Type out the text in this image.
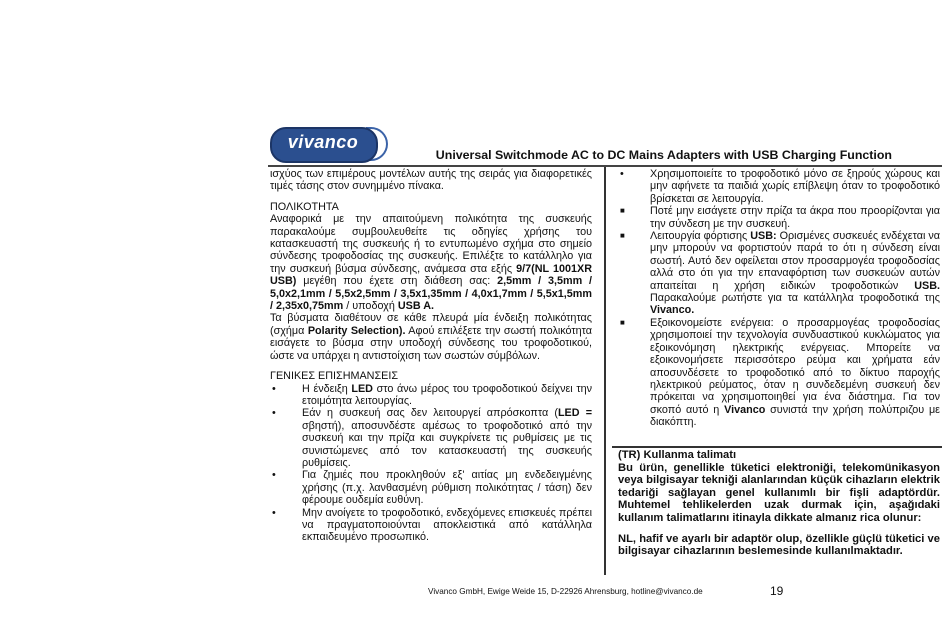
vivanco
Universal Switchmode AC to DC Mains Adapters with USB Charging Function

ισχύος των επιμέρους μοντέλων αυτής της σειράς για διαφορετικές τιμές τάσης στον συνημμένο πίνακα.

ΠΟΛΙΚΟΤΗΤΑ

Αναφορικά με την απαιτούμενη πολικότητα της συσκευής παρακαλούμε συμβουλευθείτε τις οδηγίες χρήσης του κατασκευαστή της συσκευής ή το εντυπωμένο σχήμα στο σημείο σύνδεσης τροφοδοσίας της συσκευής. Επιλέξτε το κατάλληλο για την συσκευή βύσμα σύνδεσης, ανάμεσα στα εξής 9/7(NL 1001XR USB) μεγέθη που έχετε στη διάθεση σας: 2,5mm / 3,5mm / 5,0x2,1mm / 5,5x2,5mm / 3,5x1,35mm / 4,0x1,7mm / 5,5x1,5mm / 2,35x0,75mm / υποδοχή USB A.

Τα βύσματα διαθέτουν σε κάθε πλευρά μία ένδειξη πολικότητας (σχήμα Polarity Selection). Αφού επιλέξετε την σωστή πολικότητα εισάγετε το βύσμα στην υποδοχή σύνδεσης του τροφοδοτικού, ώστε να υπάρχει η αντιστοίχιση των σωστών σύμβόλων.

ΓΕΝΙΚΕΣ ΕΠΙΣΗΜΑΝΣΕΙΣ

•	Η ένδειξη LED στο άνω μέρος του τροφοδοτικού δείχνει την ετοιμότητα λειτουργίας.
•	Εάν η συσκευή σας δεν λειτουργεί απρόσκοπτα (LED = σβηστή), αποσυνδέστε αμέσως το τροφοδοτικό από την συσκευή και την πρίζα και συγκρίνετε τις ρυθμίσεις με τις συνιστώμενες από τον κατασκευαστή της συσκευής ρυθμίσεις.
•	Για ζημιές που προκληθούν εξ' αιτίας μη ενδεδειγμένης χρήσης (π.χ. λανθασμένη ρύθμιση πολικότητας / τάση) δεν φέρουμε ουδεμία ευθύνη.
•	Μην ανοίγετε το τροφοδοτικό, ενδεχόμενες επισκευές πρέπει να πραγματοποιούνται αποκλειστικά από κατάλληλα εκπαιδευμένο προσωπικό.
•	Χρησιμοποιείτε το τροφοδοτικό μόνο σε ξηρούς χώρους και μην αφήνετε τα παιδιά χωρίς επίβλεψη όταν το τροφοδοτικό βρίσκεται σε λειτουργία.
■	Ποτέ μην εισάγετε στην πρίζα τα άκρα που προορίζονται για την σύνδεση με την συσκευή.
■	Λειτουργία φόρτισης USB: Ορισμένες συσκευές ενδέχεται να μην μπορούν να φορτιστούν παρά το ότι η σύνδεση είναι σωστή. Αυτό δεν οφείλεται στον προσαρμογέα τροφοδοσίας αλλά στο ότι για την επαναφόρτιση των συσκευών αυτών απαιτείται η χρήση ειδικών τροφοδοτικών USB. Παρακαλούμε ρωτήστε για τα κατάλληλα τροφοδοτικά της Vivanco.
■	Εξοικονομείστε ενέργεια: ο προσαρμογέας τροφοδοσίας χρησιμοποιεί την τεχνολογία συνδυαστικού κυκλώματος για εξοικονόμηση ηλεκτρικής ενέργειας. Μπορείτε να εξοικονομήσετε περισσότερο ρεύμα και χρήματα εάν αποσυνδέσετε το τροφοδοτικό από το δίκτυο παροχής ηλεκτρικού ρεύματος, όταν η συνδεδεμένη συσκευή δεν πρόκειται να χρησιμοποιηθεί για ένα διάστημα. Για τον σκοπό αυτό η Vivanco συνιστά την χρήση πολύπριζου με διακόπτη.

(TR) Kullanma talimatı

Bu ürün, genellikle tüketici elektroniği, telekomünikasyon veya bilgisayar tekniği alanlarından küçük cihazların elektrik tedariği sağlayan genel kullanımlı bir fişli adaptördür. Muhtemel tehlikelerden uzak durmak için, aşağıdaki kullanım talimatlarını itinayla dikkate almanız rica olunur:

NL, hafif ve ayarlı bir adaptör olup, özellikle güçlü tüketici ve bilgisayar cihazlarının beslemesinde kullanılmaktadır.

Vivanco GmbH, Ewige Weide 15, D-22926 Ahrensburg, hotline@vivanco.de	19
